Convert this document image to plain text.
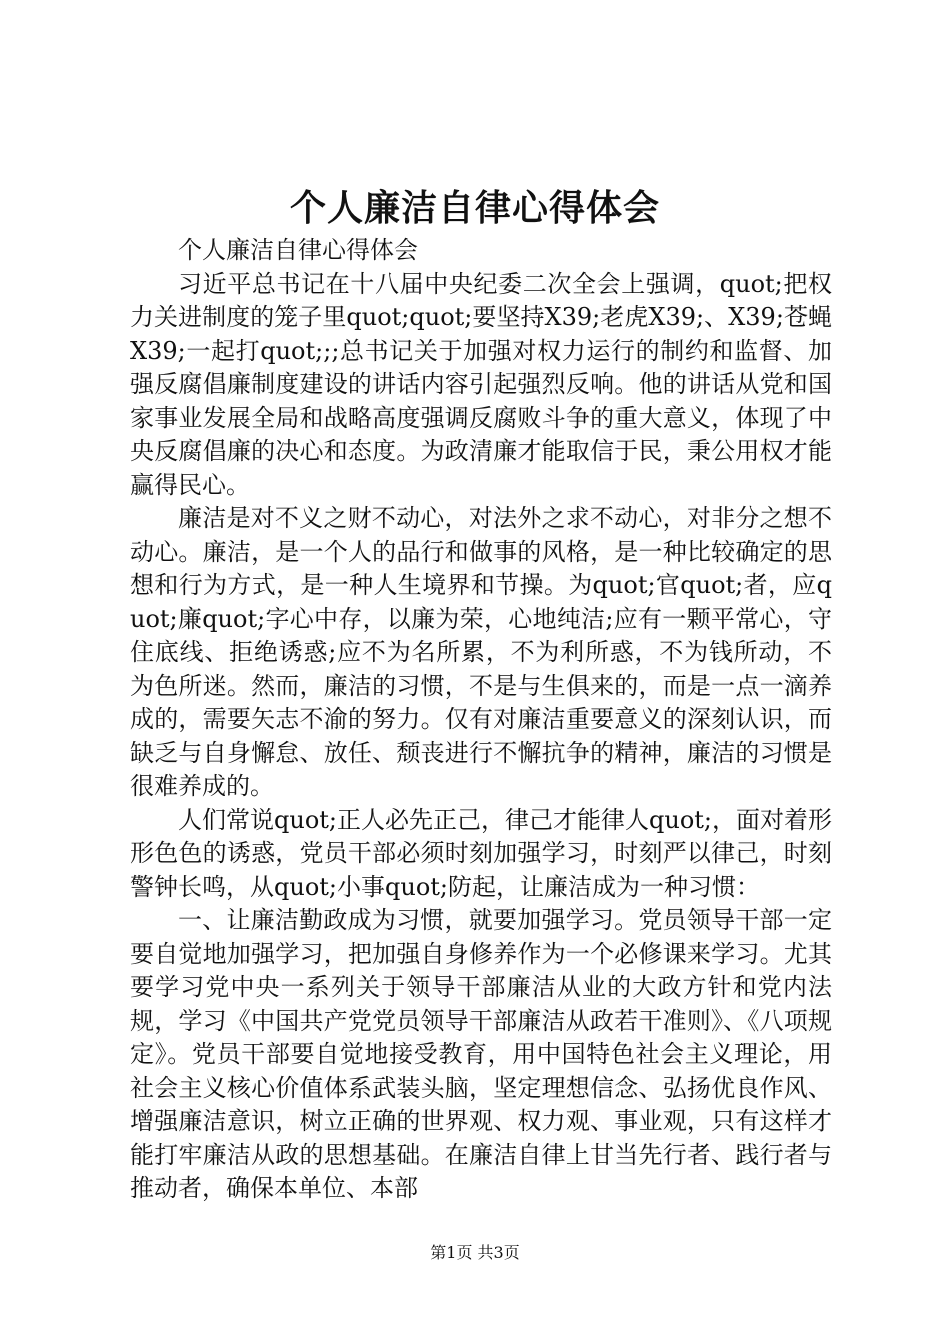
个人廉洁自律心得体会

个人廉洁自律心得体会

习近平总书记在十八届中央纪委二次全会上强调，quot;把权力关进制度的笼子里quot;quot;要坚持X39;老虎X39;、X39;苍蝇X39;一起打quot;;;总书记关于加强对权力运行的制约和监督、加强反腐倡廉制度建设的讲话内容引起强烈反响。他的讲话从党和国家事业发展全局和战略高度强调反腐败斗争的重大意义，体现了中央反腐倡廉的决心和态度。为政清廉才能取信于民，秉公用权才能赢得民心。

廉洁是对不义之财不动心，对法外之求不动心，对非分之想不动心。廉洁，是一个人的品行和做事的风格，是一种比较确定的思想和行为方式，是一种人生境界和节操。为quot;官quot;者，应quot;廉quot;字心中存，以廉为荣，心地纯洁;应有一颗平常心，守住底线、拒绝诱惑;应不为名所累，不为利所惑，不为钱所动，不为色所迷。然而，廉洁的习惯，不是与生俱来的，而是一点一滴养成的，需要矢志不渝的努力。仅有对廉洁重要意义的深刻认识，而缺乏与自身懈怠、放任、颓丧进行不懈抗争的精神，廉洁的习惯是很难养成的。

人们常说quot;正人必先正己，律己才能律人quot;，面对着形形色色的诱惑，党员干部必须时刻加强学习，时刻严以律己，时刻警钟长鸣，从quot;小事quot;防起，让廉洁成为一种习惯：

一、让廉洁勤政成为习惯，就要加强学习。党员领导干部一定要自觉地加强学习，把加强自身修养作为一个必修课来学习。尤其要学习党中央一系列关于领导干部廉洁从业的大政方针和党内法规，学习《中国共产党党员领导干部廉洁从政若干准则》、《八项规定》。党员干部要自觉地接受教育，用中国特色社会主义理论，用社会主义核心价值体系武装头脑，坚定理想信念、弘扬优良作风、增强廉洁意识，树立正确的世界观、权力观、事业观，只有这样才能打牢廉洁从政的思想基础。在廉洁自律上甘当先行者、践行者与推动者，确保本单位、本部

第1页 共3页
